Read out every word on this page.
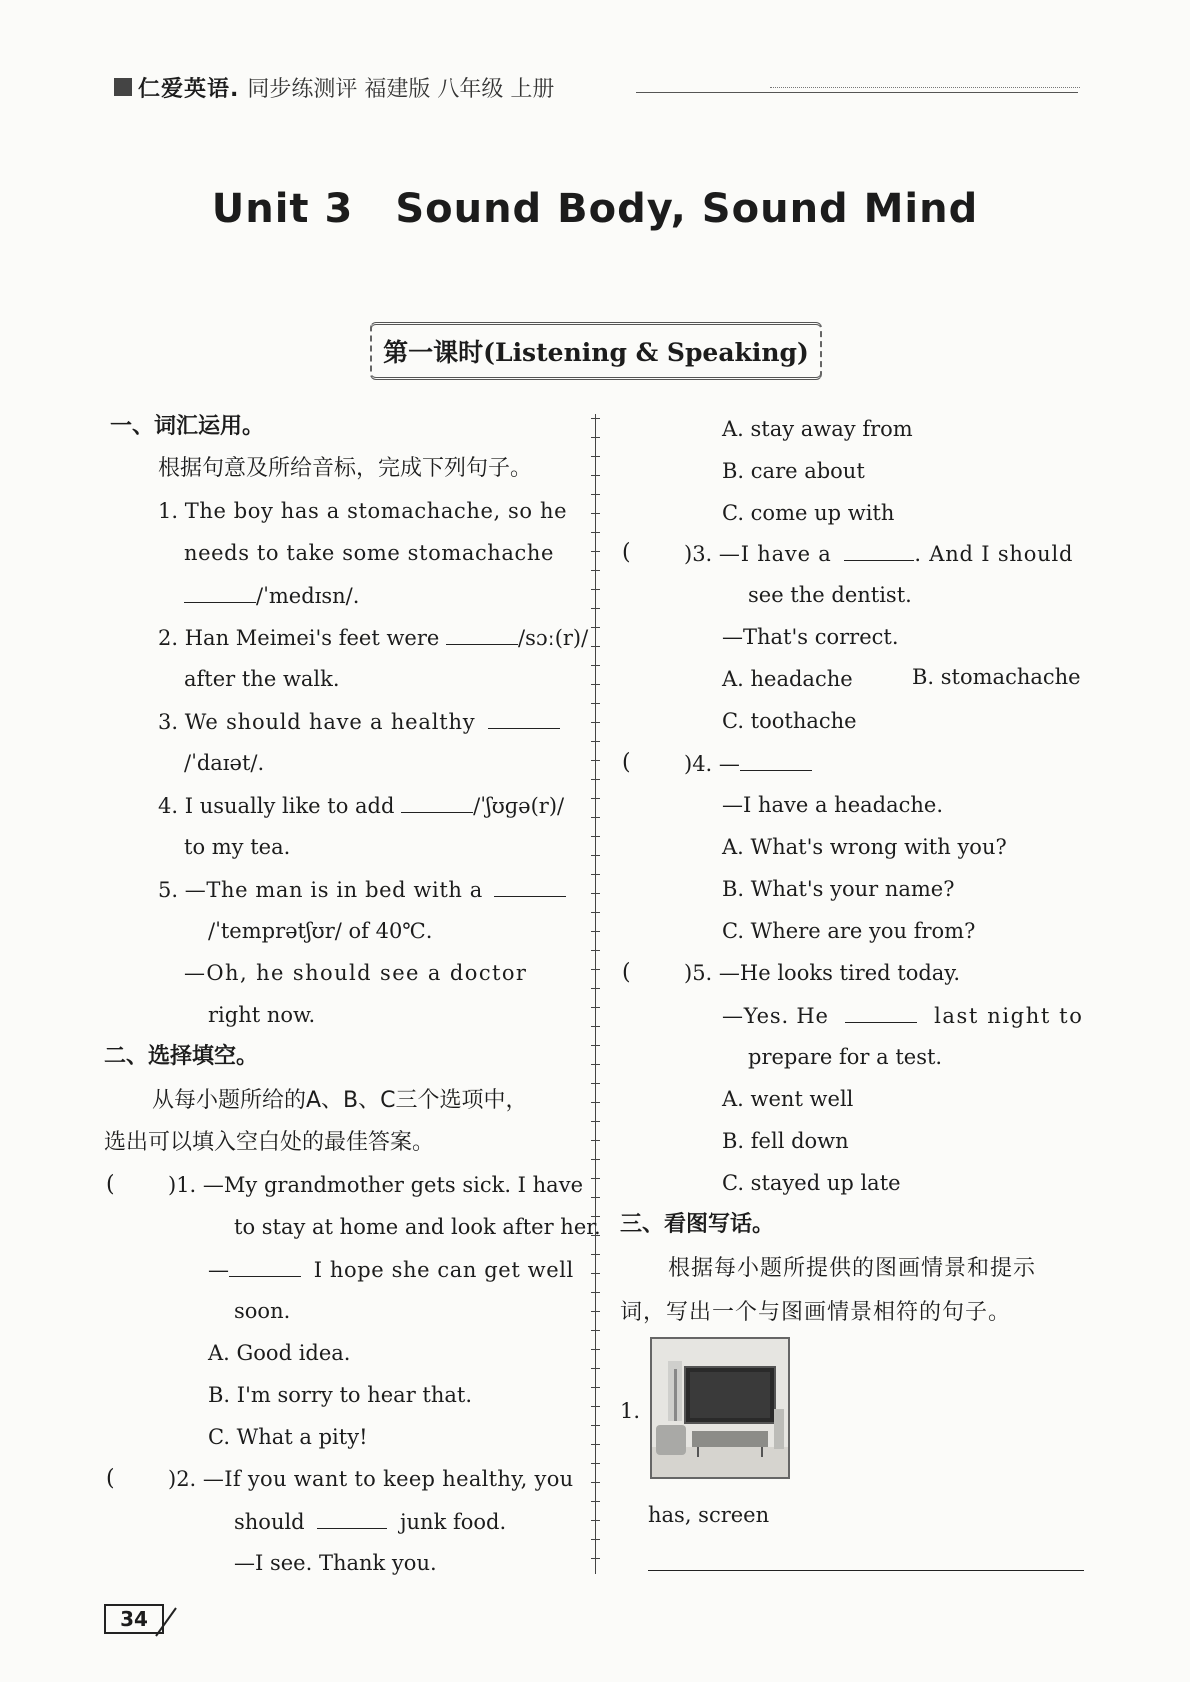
仁爱英语. 同步练测评 福建版 八年级 上册
Unit 3 Sound Body, Sound Mind
第一课时(Listening & Speaking)
一、词汇运用。
根据句意及所给音标，完成下列句子。
1. The boy has a stomachache, so he
needs to take some stomachache
/ˈmedɪsn/.
2. Han Meimei's feet were	/sɔː(r)/
after the walk.
3. We should have a healthy
/ˈdaɪət/.
4. I usually like to add	/ˈʃʊɡə(r)/
to my tea.
5. —The man is in bed with a
/ˈtemprətʃʊr/ of 40℃.
—Oh, he should see a doctor
right now.
二、选择填空。
从每小题所给的A、B、C三个选项中，
选出可以填入空白处的最佳答案。
(	)1. —My grandmother gets sick. I have
to stay at home and look after her.
—	I hope she can get well
soon.
A. Good idea.
B. I'm sorry to hear that.
C. What a pity!
(	)2. —If you want to keep healthy, you
should	junk food.
—I see. Thank you.
A. stay away from
B. care about
C. come up with
(	)3. —I have a	. And I should
see the dentist.
—That's correct.
A. headache	B. stomachache
C. toothache
(	)4. —
—I have a headache.
A. What's wrong with you?
B. What's your name?
C. Where are you from?
(	)5. —He looks tired today.
—Yes. He	last night to
prepare for a test.
A. went well
B. fell down
C. stayed up late
三、看图写话。
根据每小题所提供的图画情景和提示
词，写出一个与图画情景相符的句子。
1.
has, screen
34
